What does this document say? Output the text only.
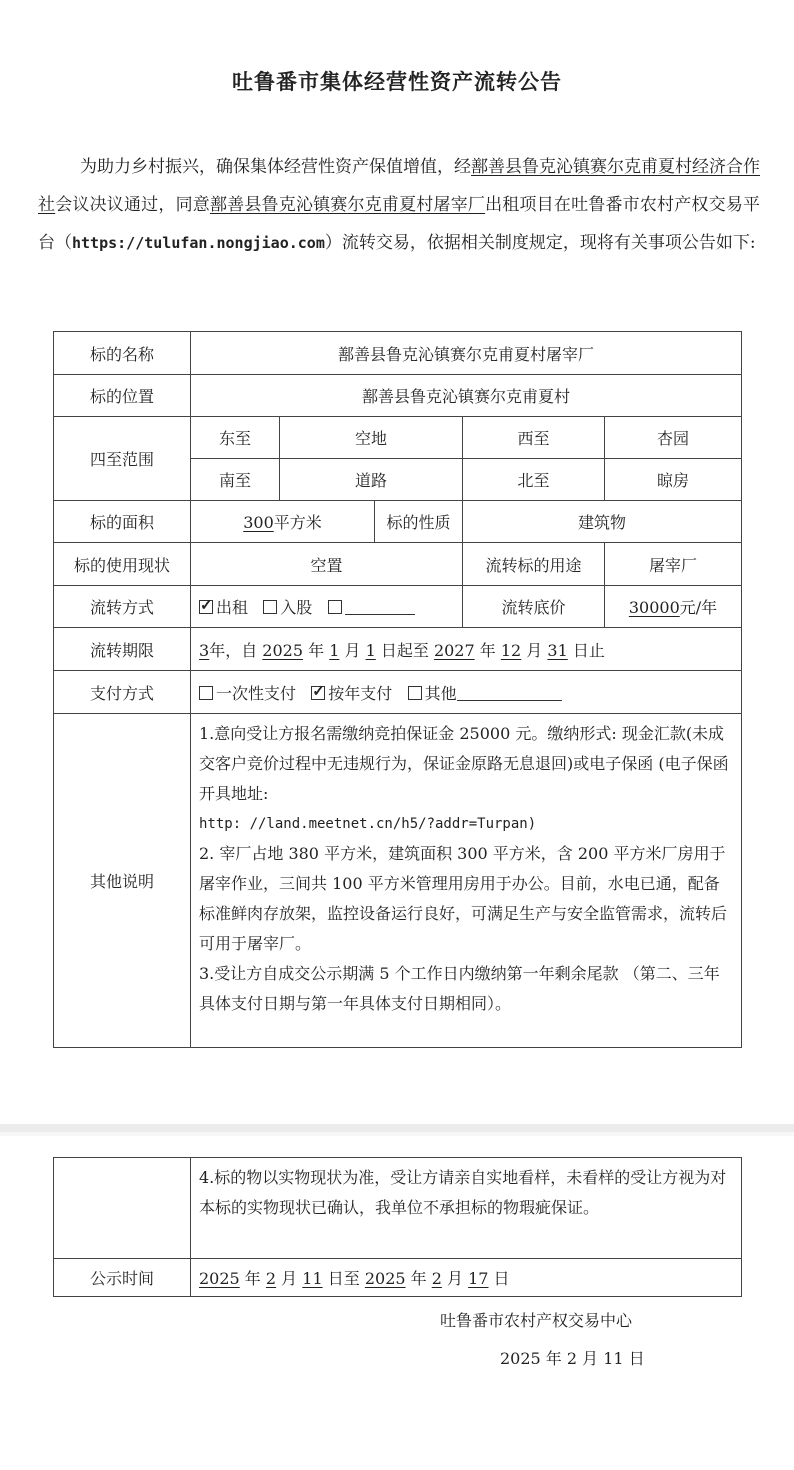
吐鲁番市集体经营性资产流转公告
为助力乡村振兴，确保集体经营性资产保值增值，经鄯善县鲁克沁镇赛尔克甫夏村经济合作社会议决议通过，同意鄯善县鲁克沁镇赛尔克甫夏村屠宰厂出租项目在吐鲁番市农村产权交易平台（https://tulufan.nongjiao.com）流转交易，依据相关制度规定，现将有关事项公告如下:
标的名称	鄯善县鲁克沁镇赛尔克甫夏村屠宰厂				
标的位置	鄯善县鲁克沁镇赛尔克甫夏村				
四至范围	东至	空地		西至	杏园
	南至	道路		北至	晾房
标的面积	300平方米		标的性质	建筑物	
标的使用现状	空置			流转标的用途	屠宰厂
流转方式	✓出租 入股			流转底价	30000元/年
流转期限	3年，自 2025 年 1 月 1 日起至 2027 年 12 月 31 日止				
支付方式	一次性支付 ✓ 按年支付 其他
其他说明	1.意向受让方报名需缴纳竞拍保证金 25000 元。缴纳形式: 现金汇款(未成交客户竞价过程中无违规行为，保证金原路无息退回)或电子保函 (电子保函开具地址:

http: //land.meetnet.cn/h5/?addr=Turpan)

2. 宰厂占地 380 平方米，建筑面积 300 平方米，含 200 平方米厂房用于屠宰作业，三间共 100 平方米管理用房用于办公。目前，水电已通，配备标准鲜肉存放架，监控设备运行良好，可满足生产与安全监管需求，流转后可用于屠宰厂。

3.受让方自成交公示期满 5 个工作日内缴纳第一年剩余尾款 （第二、三年具体支付日期与第一年具体支付日期相同）。				

	4.标的物以实物现状为准，受让方请亲自实地看样，未看样的受让方视为对本标的实物现状已确认，我单位不承担标的物瑕疵保证。
公示时间	2025 年 2 月 11 日至 2025 年 2 月 17 日
吐鲁番市农村产权交易中心
2025 年 2 月 11 日
